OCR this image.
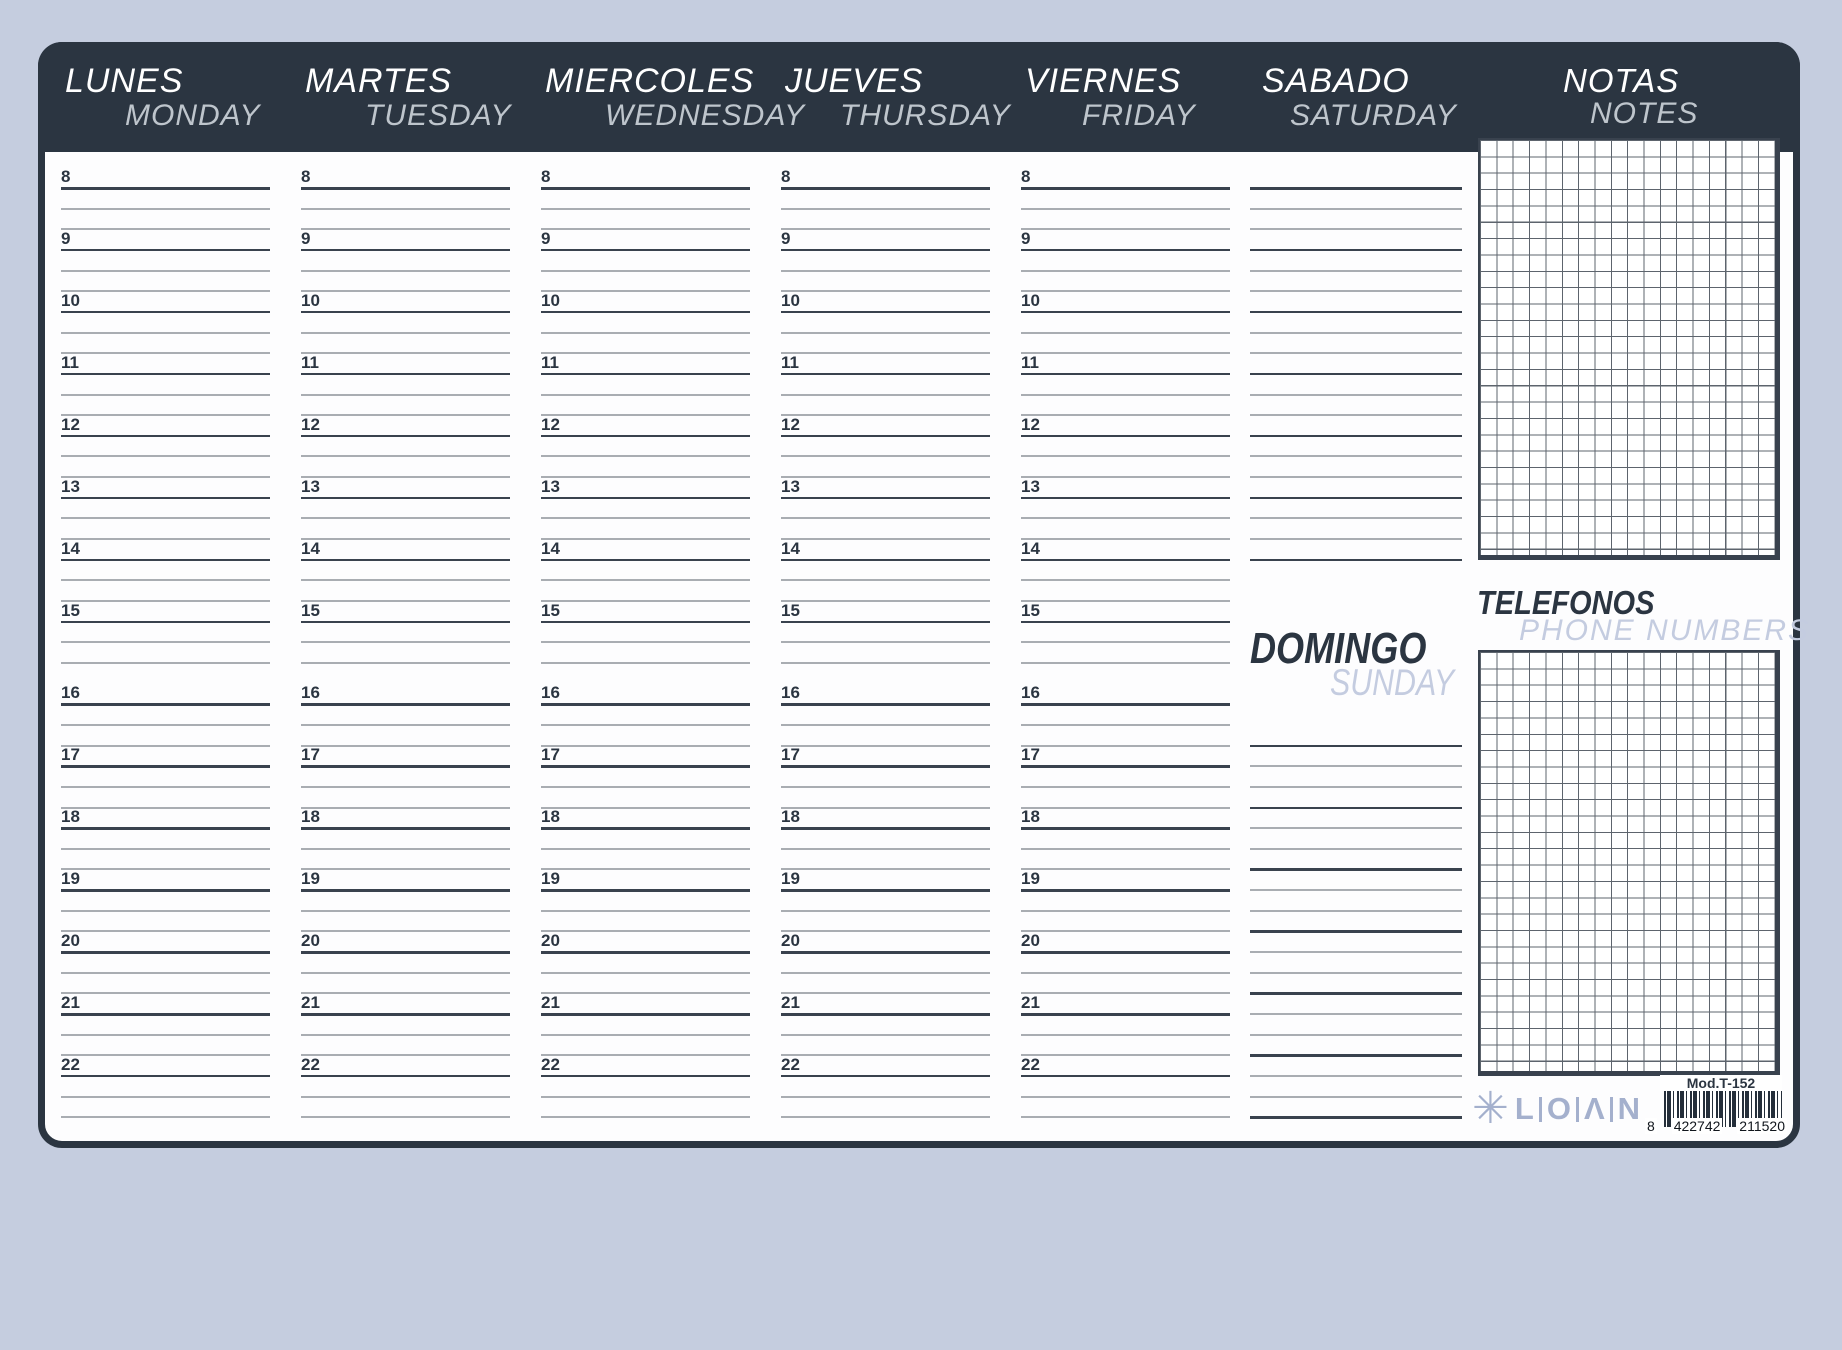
LUNES
MONDAY
MARTES
TUESDAY
MIERCOLES
WEDNESDAY
JUEVES
THURSDAY
VIERNES
FRIDAY
SABADO
SATURDAY
NOTAS
NOTES
8
9
10
11
12
13
14
15
16
17
18
19
20
21
22
8
9
10
11
12
13
14
15
16
17
18
19
20
21
22
8
9
10
11
12
13
14
15
16
17
18
19
20
21
22
8
9
10
11
12
13
14
15
16
17
18
19
20
21
22
8
9
10
11
12
13
14
15
16
17
18
19
20
21
22
DOMINGO
SUNDAY
TELEFONOS
PHONE NUMBERS
✳ L O Λ N
Mod.T-152
8 422742 211520
